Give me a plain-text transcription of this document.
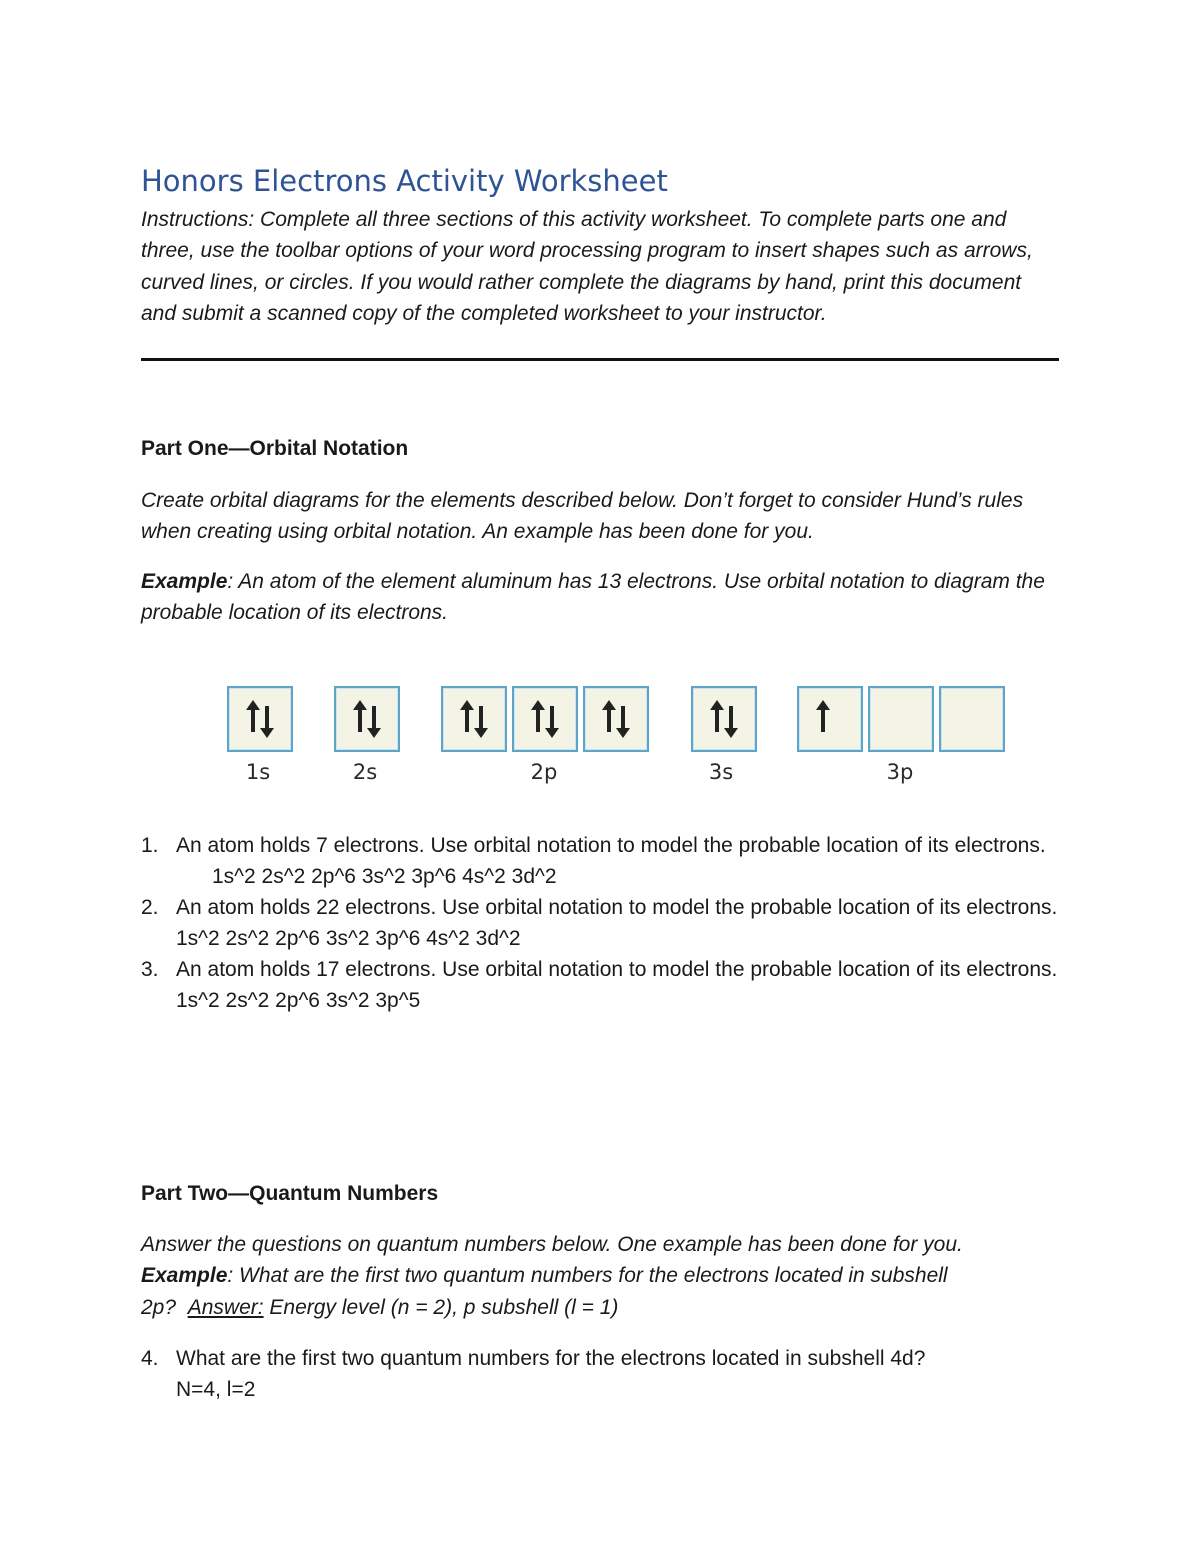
Honors Electrons Activity Worksheet
Instructions: Complete all three sections of this activity worksheet. To complete parts one and three, use the toolbar options of your word processing program to insert shapes such as arrows, curved lines, or circles. If you would rather complete the diagrams by hand, print this document and submit a scanned copy of the completed worksheet to your instructor.
Part One—Orbital Notation
Create orbital diagrams for the elements described below. Don’t forget to consider Hund’s rules when creating using orbital notation. An example has been done for you.
Example: An atom of the element aluminum has 13 electrons. Use orbital notation to diagram the probable location of its electrons.
1s	2s	2p	3s	3p
1. An atom holds 7 electrons. Use orbital notation to model the probable location of its electrons.
1s^2 2s^2 2p^6 3s^2 3p^6 4s^2 3d^2
2. An atom holds 22 electrons. Use orbital notation to model the probable location of its electrons.
1s^2 2s^2 2p^6 3s^2 3p^6 4s^2 3d^2
3. An atom holds 17 electrons. Use orbital notation to model the probable location of its electrons.
1s^2 2s^2 2p^6 3s^2 3p^5
Part Two—Quantum Numbers
Answer the questions on quantum numbers below. One example has been done for you. Example: What are the first two quantum numbers for the electrons located in subshell 2p? Answer: Energy level (n = 2), p subshell (l = 1)
4. What are the first two quantum numbers for the electrons located in subshell 4d?
N=4, l=2
